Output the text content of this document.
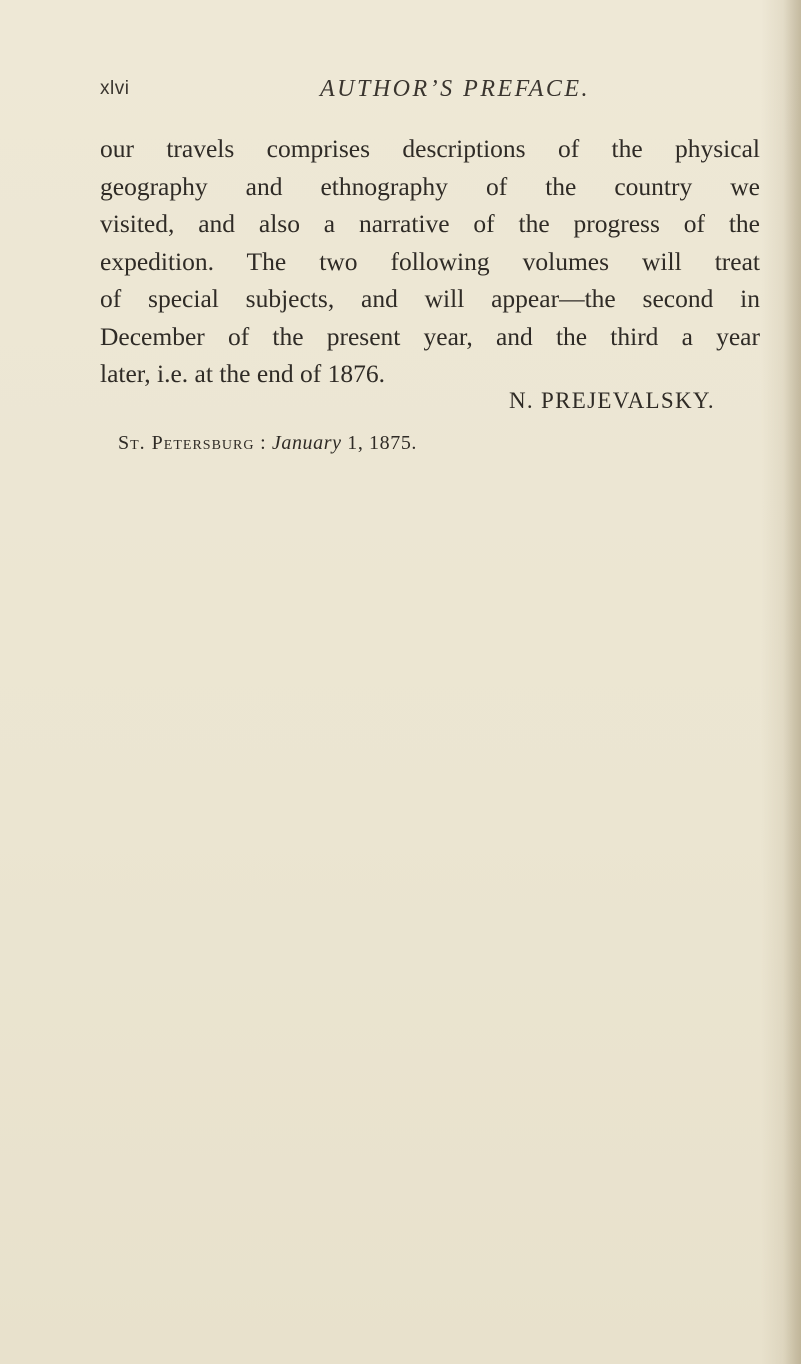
xlvi	AUTHOR’S PREFACE.
our travels comprises descriptions of the physical
geography and ethnography of the country we
visited, and also a narrative of the progress of the
expedition. The two following volumes will treat
of special subjects, and will appear—the second in
December of the present year, and the third a year
later, i.e. at the end of 1876.
N. PREJEVALSKY.
St. Petersburg : January 1, 1875.
